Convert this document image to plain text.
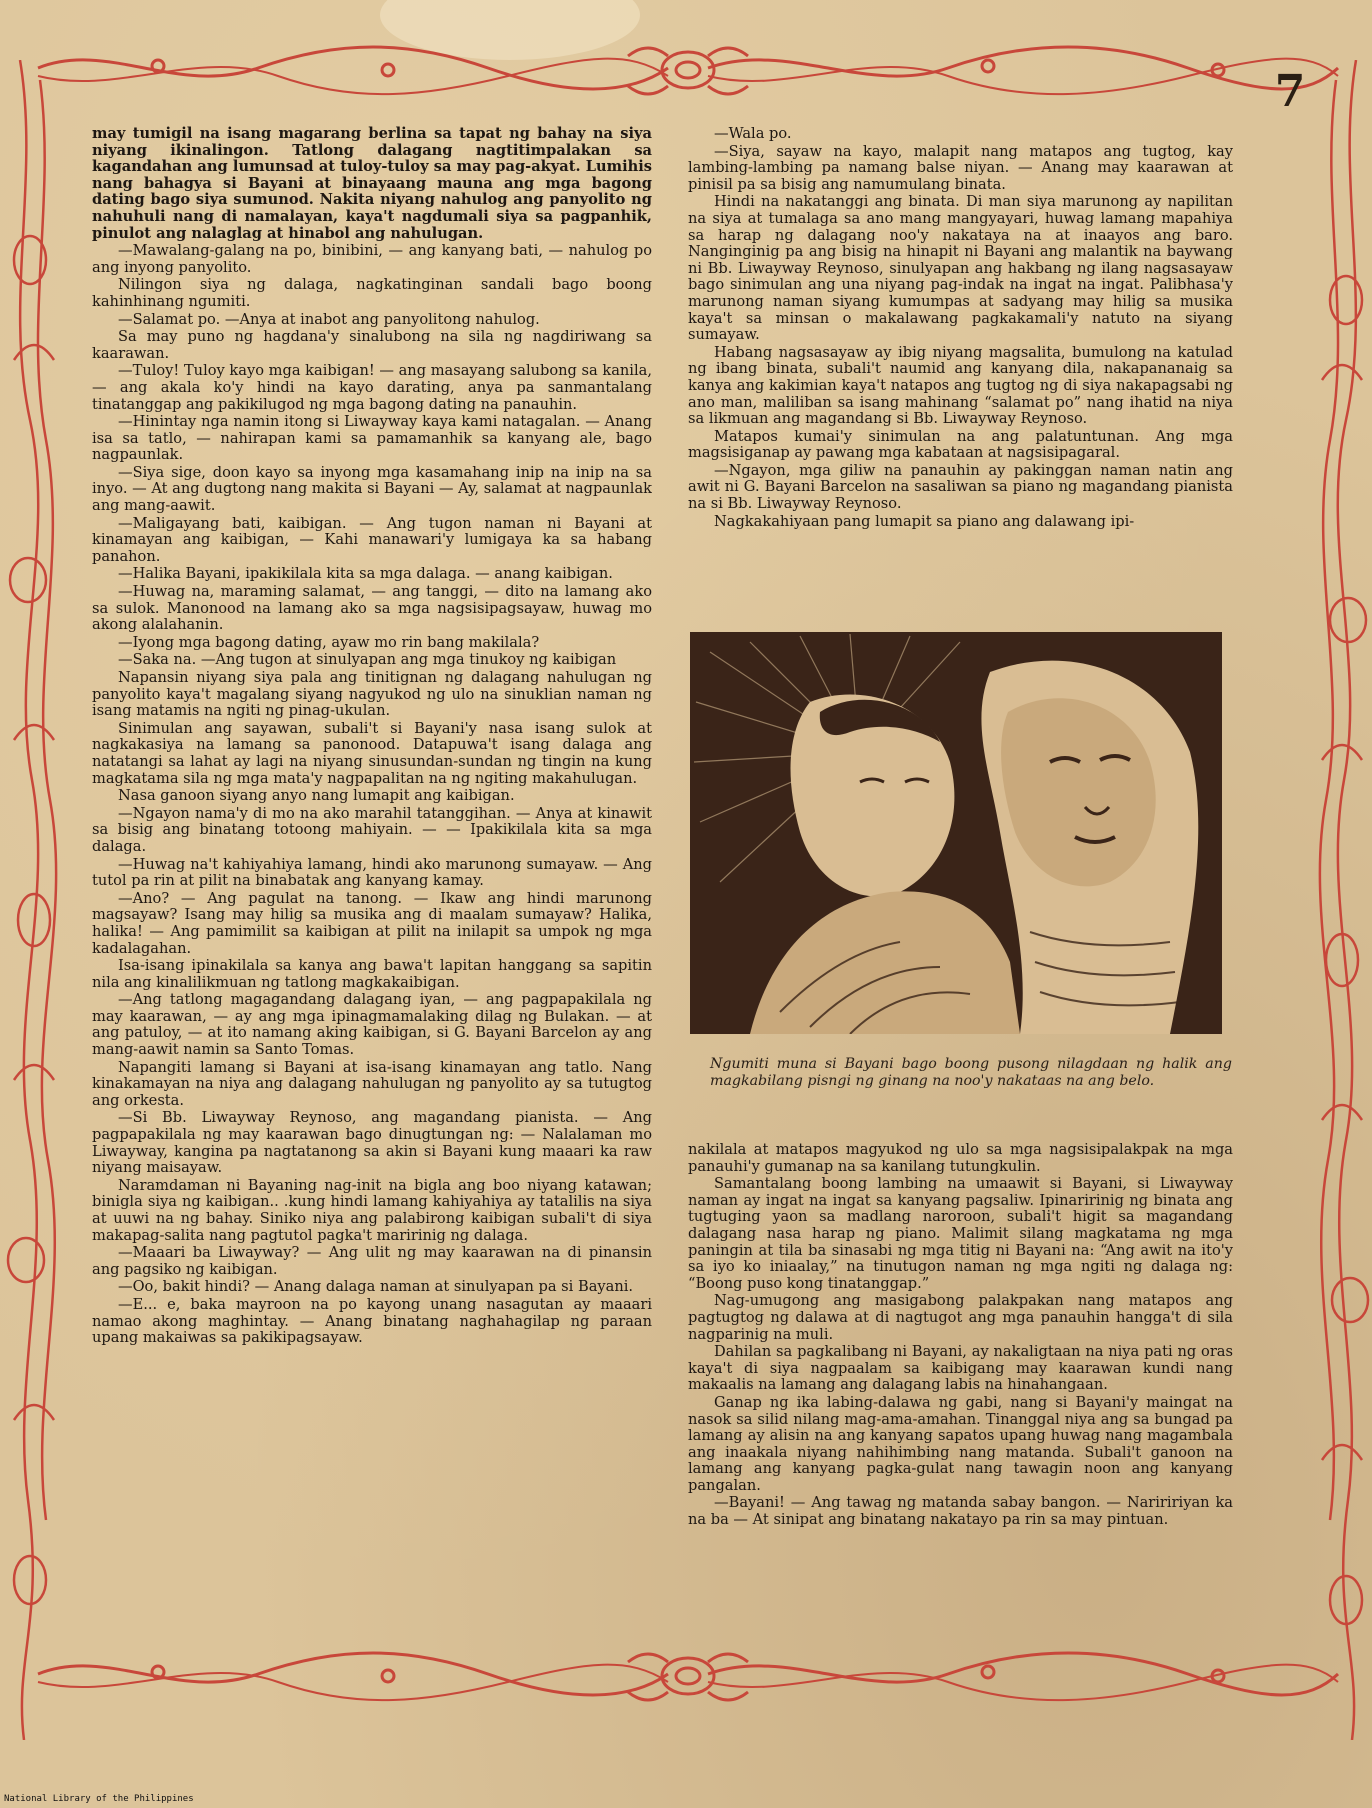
7

may tumigil na isang magarang berlina sa tapat ng bahay na siya niyang ikinalingon. Tatlong dalagang nagtitimpalakan sa kagandahan ang lumunsad at tuloy-tuloy sa may pag-akyat. Lumihis nang bahagya si Bayani at binayaang mauna ang mga bagong dating bago siya sumunod. Nakita niyang nahulog ang panyolito ng nahuhuli nang di namalayan, kaya't nagdumali siya sa pagpanhik, pinulot ang nalaglag at hinabol ang nahulugan.

—Mawalang-galang na po, binibini, — ang kanyang bati, — nahulog po ang inyong panyolito.

Nilingon siya ng dalaga, nagkatinginan sandali bago boong kahinhinang ngumiti.

—Salamat po. —Anya at inabot ang panyolitong nahulog.

Sa may puno ng hagdana'y sinalubong na sila ng nagdiriwang sa kaarawan.

—Tuloy! Tuloy kayo mga kaibigan! — ang masayang salubong sa kanila, — ang akala ko'y hindi na kayo darating, anya pa sanmantalang tinatanggap ang pakikilugod ng mga bagong dating na panauhin.

—Hinintay nga namin itong si Liwayway kaya kami natagalan. — Anang isa sa tatlo, — nahirapan kami sa pamamanhik sa kanyang ale, bago nagpaunlak.

—Siya sige, doon kayo sa inyong mga kasamahang inip na inip na sa inyo. — At ang dugtong nang makita si Bayani — Ay, salamat at nagpaunlak ang mang-aawit.

—Maligayang bati, kaibigan. — Ang tugon naman ni Bayani at kinamayan ang kaibigan, — Kahi manawari'y lumigaya ka sa habang panahon.

—Halika Bayani, ipakikilala kita sa mga dalaga. — anang kaibigan.

—Huwag na, maraming salamat, — ang tanggi, — dito na lamang ako sa sulok. Manonood na lamang ako sa mga nagsisipagsayaw, huwag mo akong alalahanin.

—Iyong mga bagong dating, ayaw mo rin bang makilala?

—Saka na. —Ang tugon at sinulyapan ang mga tinukoy ng kaibigan

Napansin niyang siya pala ang tinitignan ng dalagang nahulugan ng panyolito kaya't magalang siyang nagyukod ng ulo na sinuklian naman ng isang matamis na ngiti ng pinag-ukulan.

Sinimulan ang sayawan, subali't si Bayani'y nasa isang sulok at nagkakasiya na lamang sa panonood. Datapuwa't isang dalaga ang natatangi sa lahat ay lagi na niyang sinusundan-sundan ng tingin na kung magkatama sila ng mga mata'y nagpapalitan na ng ngiting makahulugan.

Nasa ganoon siyang anyo nang lumapit ang kaibigan.

—Ngayon nama'y di mo na ako marahil tatanggihan. — Anya at kinawit sa bisig ang binatang totoong mahiyain. — — Ipakikilala kita sa mga dalaga.

—Huwag na't kahiyahiya lamang, hindi ako marunong sumayaw. — Ang tutol pa rin at pilit na binabatak ang kanyang kamay.

—Ano? — Ang pagulat na tanong. — Ikaw ang hindi marunong magsayaw? Isang may hilig sa musika ang di maalam sumayaw? Halika, halika! — Ang pamimilit sa kaibigan at pilit na inilapit sa umpok ng mga kadalagahan.

Isa-isang ipinakilala sa kanya ang bawa't lapitan hanggang sa sapitin nila ang kinalilikmuan ng tatlong magkakaibigan.

—Ang tatlong magagandang dalagang iyan, — ang pagpapakilala ng may kaarawan, — ay ang mga ipinagmamalaking dilag ng Bulakan. — at ang patuloy, — at ito namang aking kaibigan, si G. Bayani Barcelon ay ang mang-aawit namin sa Santo Tomas.

Napangiti lamang si Bayani at isa-isang kinamayan ang tatlo. Nang kinakamayan na niya ang dalagang nahulugan ng panyolito ay sa tutugtog ang orkesta.

—Si Bb. Liwayway Reynoso, ang magandang pianista. — Ang pagpapakilala ng may kaarawan bago dinugtungan ng: — Nalalaman mo Liwayway, kangina pa nagtatanong sa akin si Bayani kung maaari ka raw niyang maisayaw.

Naramdaman ni Bayaning nag-init na bigla ang boo niyang katawan; binigla siya ng kaibigan.. .kung hindi lamang kahiyahiya ay tatalilis na siya at uuwi na ng bahay. Siniko niya ang palabirong kaibigan subali't di siya makapag-salita nang pagtutol pagka't maririnig ng dalaga.

—Maaari ba Liwayway? — Ang ulit ng may kaarawan na di pinansin ang pagsiko ng kaibigan.

—Oo, bakit hindi? — Anang dalaga naman at sinulyapan pa si Bayani.

—E... e, baka mayroon na po kayong unang nasagutan ay maaari namao akong maghintay. — Anang binatang naghahagilap ng paraan upang makaiwas sa pakikipagsayaw.

—Wala po.

—Siya, sayaw na kayo, malapit nang matapos ang tugtog, kay lambing-lambing pa namang balse niyan. — Anang may kaarawan at pinisil pa sa bisig ang namumulang binata.

Hindi na nakatanggi ang binata. Di man siya marunong ay napilitan na siya at tumalaga sa ano mang mangyayari, huwag lamang mapahiya sa harap ng dalagang noo'y nakataya na at inaayos ang baro. Nanginginig pa ang bisig na hinapit ni Bayani ang malantik na baywang ni Bb. Liwayway Reynoso, sinulyapan ang hakbang ng ilang nagsasayaw bago sinimulan ang una niyang pag-indak na ingat na ingat. Palibhasa'y marunong naman siyang kumumpas at sadyang may hilig sa musika kaya't sa minsan o makalawang pagkakamali'y natuto na siyang sumayaw.

Habang nagsasayaw ay ibig niyang magsalita, bumulong na katulad ng ibang binata, subali't naumid ang kanyang dila, nakapananaig sa kanya ang kakimian kaya't natapos ang tugtog ng di siya nakapagsabi ng ano man, maliliban sa isang mahinang “salamat po” nang ihatid na niya sa likmuan ang magandang si Bb. Liwayway Reynoso.

Matapos kumai'y sinimulan na ang palatuntunan. Ang mga magsisiganap ay pawang mga kabataan at nagsisipagaral.

—Ngayon, mga giliw na panauhin ay pakinggan naman natin ang awit ni G. Bayani Barcelon na sasaliwan sa piano ng magandang pianista na si Bb. Liwayway Reynoso.

Nagkakahiyaan pang lumapit sa piano ang dalawang ipi-

Ngumiti muna si Bayani bago boong pusong nilagdaan ng halik ang magkabilang pisngi ng ginang na noo'y nakataas na ang belo.

nakilala at matapos magyukod ng ulo sa mga nagsisipalakpak na mga panauhi'y gumanap na sa kanilang tutungkulin.

Samantalang boong lambing na umaawit si Bayani, si Liwayway naman ay ingat na ingat sa kanyang pagsaliw. Ipinaririnig ng binata ang tugtuging yaon sa madlang naroroon, subali't higit sa magandang dalagang nasa harap ng piano. Malimit silang magkatama ng mga paningin at tila ba sinasabi ng mga titig ni Bayani na: “Ang awit na ito'y sa iyo ko iniaalay,” na tinutugon naman ng mga ngiti ng dalaga ng: “Boong puso kong tinatanggap.”

Nag-umugong ang masigabong palakpakan nang matapos ang pagtugtog ng dalawa at di nagtugot ang mga panauhin hangga't di sila nagparinig na muli.

Dahilan sa pagkalibang ni Bayani, ay nakaligtaan na niya pati ng oras kaya't di siya nagpaalam sa kaibigang may kaarawan kundi nang makaalis na lamang ang dalagang labis na hinahangaan.

Ganap ng ika labing-dalawa ng gabi, nang si Bayani'y maingat na nasok sa silid nilang mag-ama-amahan. Tinanggal niya ang sa bungad pa lamang ay alisin na ang kanyang sapatos upang huwag nang magambala ang inaakala niyang nahihimbing nang matanda. Subali't ganoon na lamang ang kanyang pagka-gulat nang tawagin noon ang kanyang pangalan.

—Bayani! — Ang tawag ng matanda sabay bangon. — Nariririyan ka na ba — At sinipat ang binatang nakatayo pa rin sa may pintuan.

National Library of the Philippines
